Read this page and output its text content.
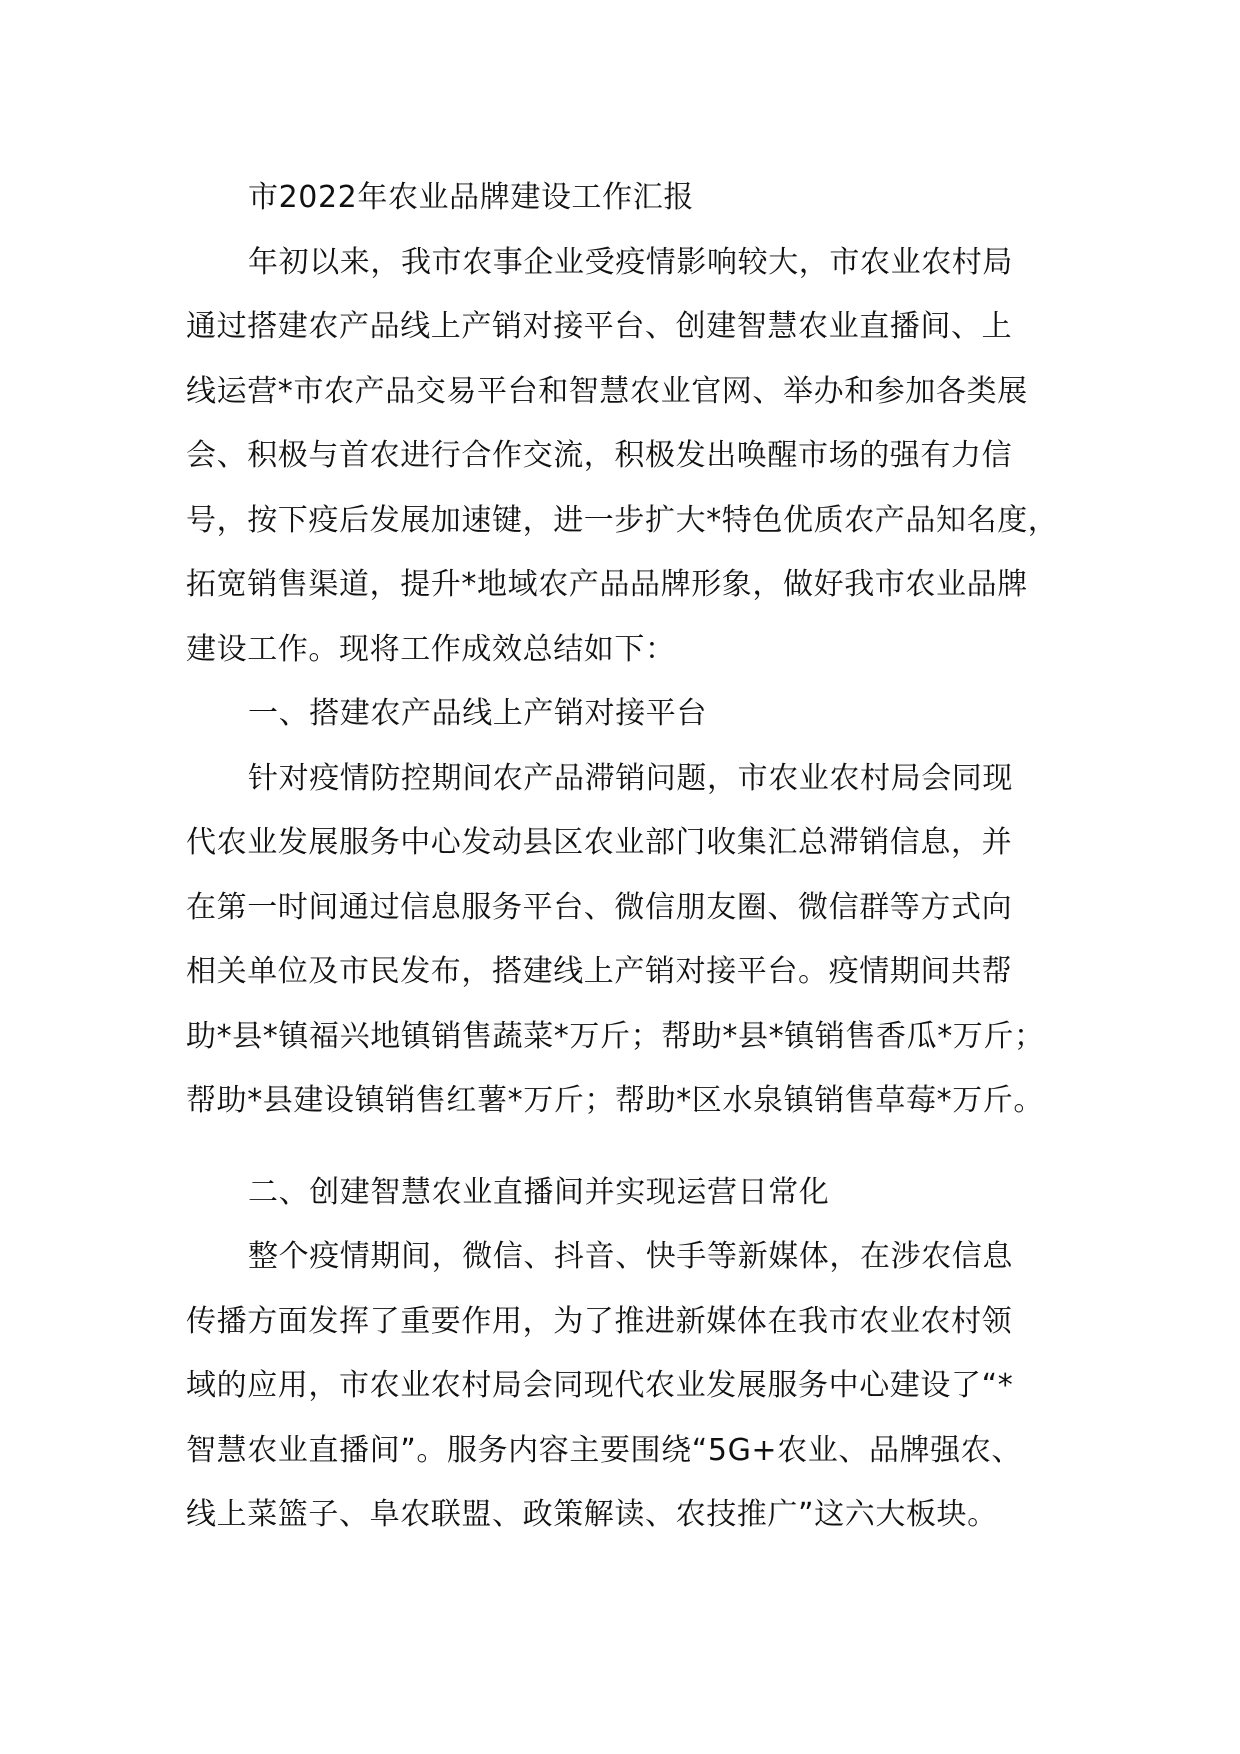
市2022年农业品牌建设工作汇报
年初以来，我市农事企业受疫情影响较大，市农业农村局
通过搭建农产品线上产销对接平台、创建智慧农业直播间、上
线运营*市农产品交易平台和智慧农业官网、举办和参加各类展
会、积极与首农进行合作交流，积极发出唤醒市场的强有力信
号，按下疫后发展加速键，进一步扩大*特色优质农产品知名度，
拓宽销售渠道，提升*地域农产品品牌形象，做好我市农业品牌
建设工作。现将工作成效总结如下：
一、搭建农产品线上产销对接平台
针对疫情防控期间农产品滞销问题，市农业农村局会同现
代农业发展服务中心发动县区农业部门收集汇总滞销信息，并
在第一时间通过信息服务平台、微信朋友圈、微信群等方式向
相关单位及市民发布，搭建线上产销对接平台。疫情期间共帮
助*县*镇福兴地镇销售蔬菜*万斤；帮助*县*镇销售香瓜*万斤；
帮助*县建设镇销售红薯*万斤；帮助*区水泉镇销售草莓*万斤。
二、创建智慧农业直播间并实现运营日常化
整个疫情期间，微信、抖音、快手等新媒体，在涉农信息
传播方面发挥了重要作用，为了推进新媒体在我市农业农村领
域的应用，市农业农村局会同现代农业发展服务中心建设了“*
智慧农业直播间”。服务内容主要围绕“5G+农业、品牌强农、
线上菜篮子、阜农联盟、政策解读、农技推广”这六大板块。
